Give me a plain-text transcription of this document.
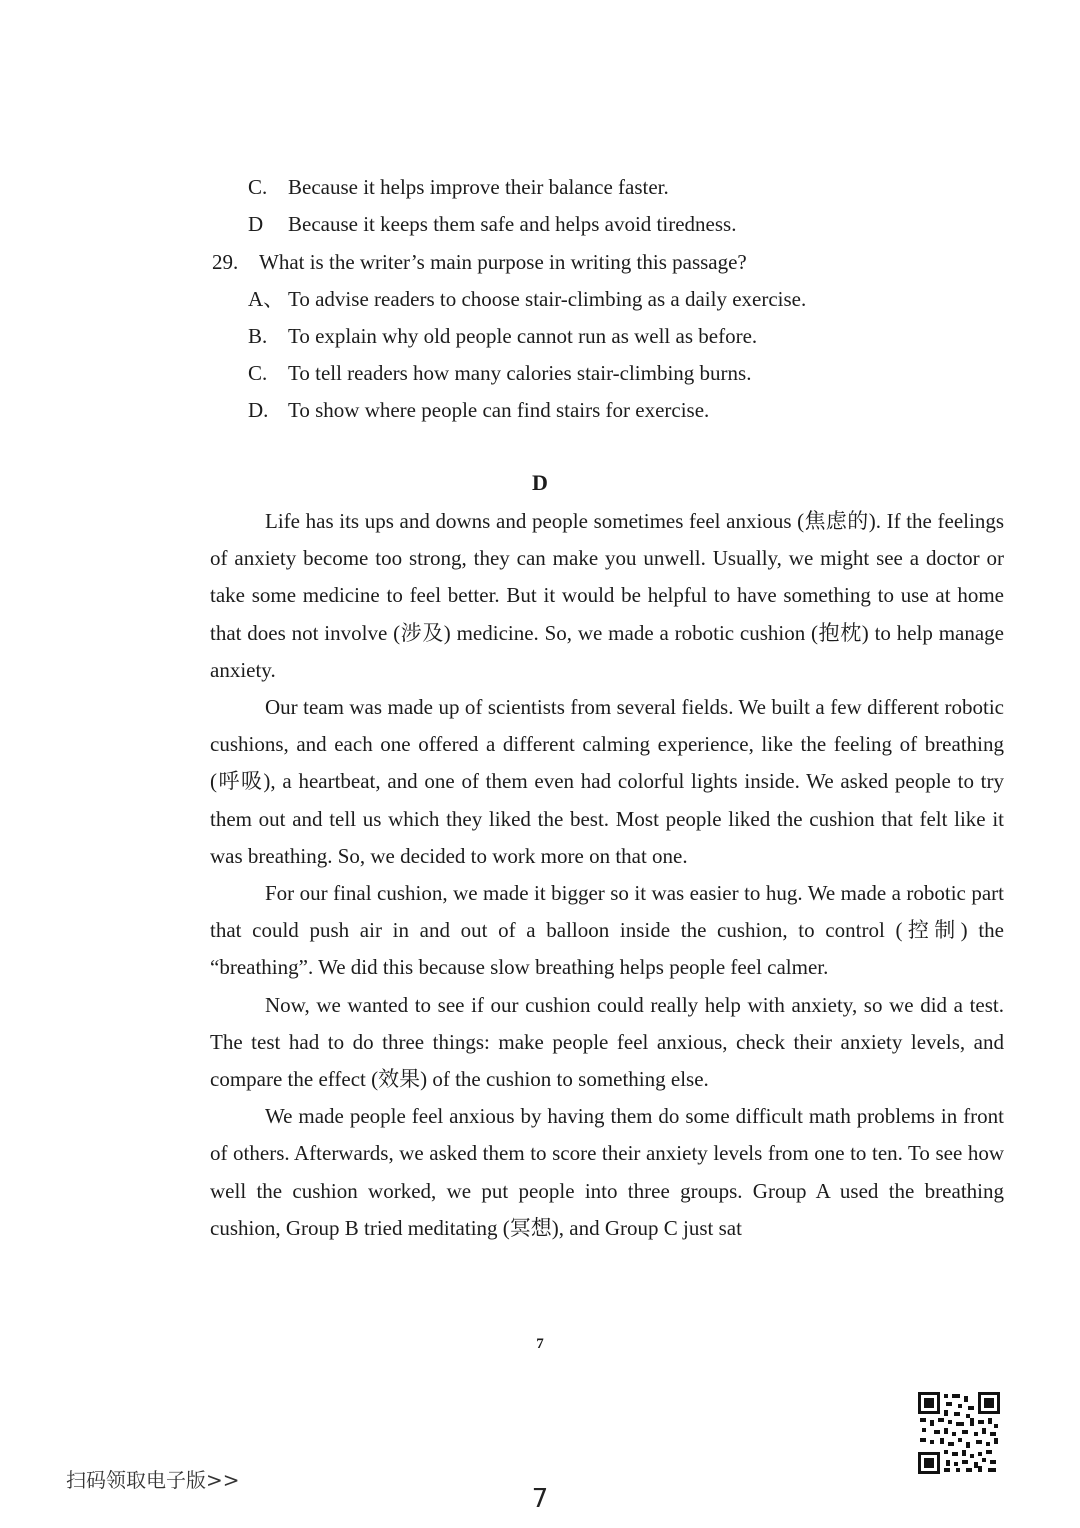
C. Because it helps improve their balance faster.
D Because it keeps them safe and helps avoid tiredness.
29. What is the writer’s main purpose in writing this passage?
A、 To advise readers to choose stair-climbing as a daily exercise.
B. To explain why old people cannot run as well as before.
C. To tell readers how many calories stair-climbing burns.
D. To show where people can find stairs for exercise.
D

Life has its ups and downs and people sometimes feel anxious (焦虑的). If the feelings of anxiety become too strong, they can make you unwell. Usually, we might see a doctor or take some medicine to feel better. But it would be helpful to have something to use at home that does not involve (涉及) medicine. So, we made a robotic cushion (抱枕) to help manage anxiety.

Our team was made up of scientists from several fields. We built a few different robotic cushions, and each one offered a different calming experience, like the feeling of breathing (呼吸), a heartbeat, and one of them even had colorful lights inside. We asked people to try them out and tell us which they liked the best. Most people liked the cushion that felt like it was breathing. So, we decided to work more on that one.

For our final cushion, we made it bigger so it was easier to hug. We made a robotic part that could push air in and out of a balloon inside the cushion, to control (控制) the “breathing”. We did this because slow breathing helps people feel calmer.

Now, we wanted to see if our cushion could really help with anxiety, so we did a test. The test had to do three things: make people feel anxious, check their anxiety levels, and compare the effect (效果) of the cushion to something else.

We made people feel anxious by having them do some difficult math problems in front of others. Afterwards, we asked them to score their anxiety levels from one to ten. To see how well the cushion worked, we put people into three groups. Group A used the breathing cushion, Group B tried meditating (冥想), and Group C just sat

7
扫码领取电子版>>
7
